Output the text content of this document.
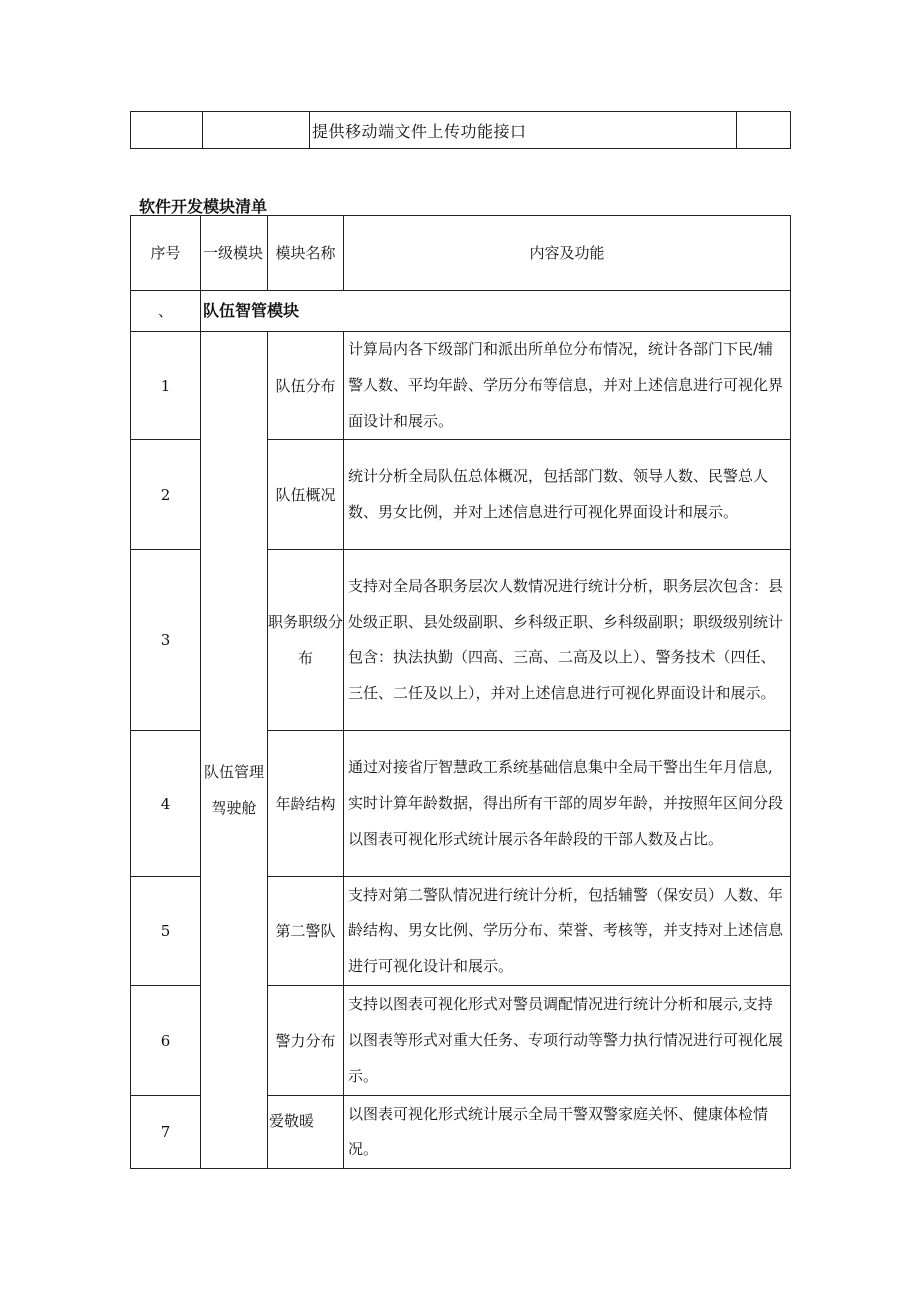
		提供移动端文件上传功能接口	
软件开发模块清单
序号	一级模块	模块名称	内容及功能
、	队伍智管模块		
1	队伍管理驾驶舱	队伍分布	计算局内各下级部门和派出所单位分布情况，统计各部门下民/辅警人数、平均年龄、学历分布等信息，并对上述信息进行可视化界面设计和展示。
2		队伍概况	统计分析全局队伍总体概况，包括部门数、领导人数、民警总人数、男女比例，并对上述信息进行可视化界面设计和展示。
3		职务职级分布	支持对全局各职务层次人数情况进行统计分析，职务层次包含：县处级正职、县处级副职、乡科级正职、乡科级副职；职级级别统计包含：执法执勤（四高、三高、二高及以上）、警务技术（四任、三任、二任及以上），并对上述信息进行可视化界面设计和展示。
4		年龄结构	通过对接省厅智慧政工系统基础信息集中全局干警出生年月信息,实时计算年龄数据，得出所有干部的周岁年龄，并按照年区间分段以图表可视化形式统计展示各年龄段的干部人数及占比。
5		第二警队	支持对第二警队情况进行统计分析，包括辅警（保安员）人数、年龄结构、男女比例、学历分布、荣誉、考核等，并支持对上述信息进行可视化设计和展示。
6		警力分布	支持以图表可视化形式对警员调配情况进行统计分析和展示,支持以图表等形式对重大任务、专项行动等警力执行情况进行可视化展示。
7		爱敬暖	以图表可视化形式统计展示全局干警双警家庭关怀、健康体检情况。
